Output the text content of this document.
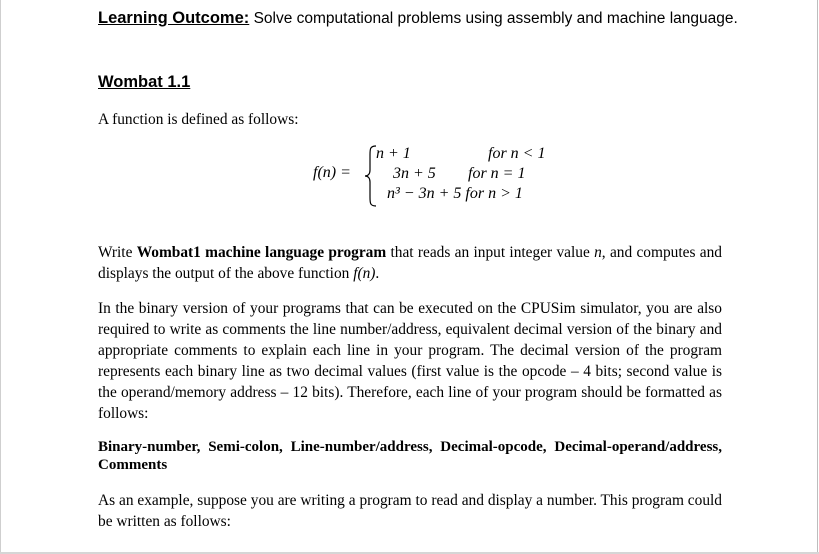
Learning Outcome: Solve computational problems using assembly and machine language.
Wombat 1.1
A function is defined as follows:
f(n) =
n + 1	for n < 1
3n + 5 for n = 1
n³ − 3n + 5 for n > 1
Write Wombat1 machine language program that reads an input integer value n, and computes and displays the output of the above function f(n).
In the binary version of your programs that can be executed on the CPUSim simulator, you are also required to write as comments the line number/address, equivalent decimal version of the binary and appropriate comments to explain each line in your program. The decimal version of the program represents each binary line as two decimal values (first value is the opcode – 4 bits; second value is the operand/memory address – 12 bits). Therefore, each line of your program should be formatted as follows:
Binary-number, Semi-colon, Line-number/address, Decimal-opcode, Decimal-operand/address, Comments
As an example, suppose you are writing a program to read and display a number. This program could be written as follows:
